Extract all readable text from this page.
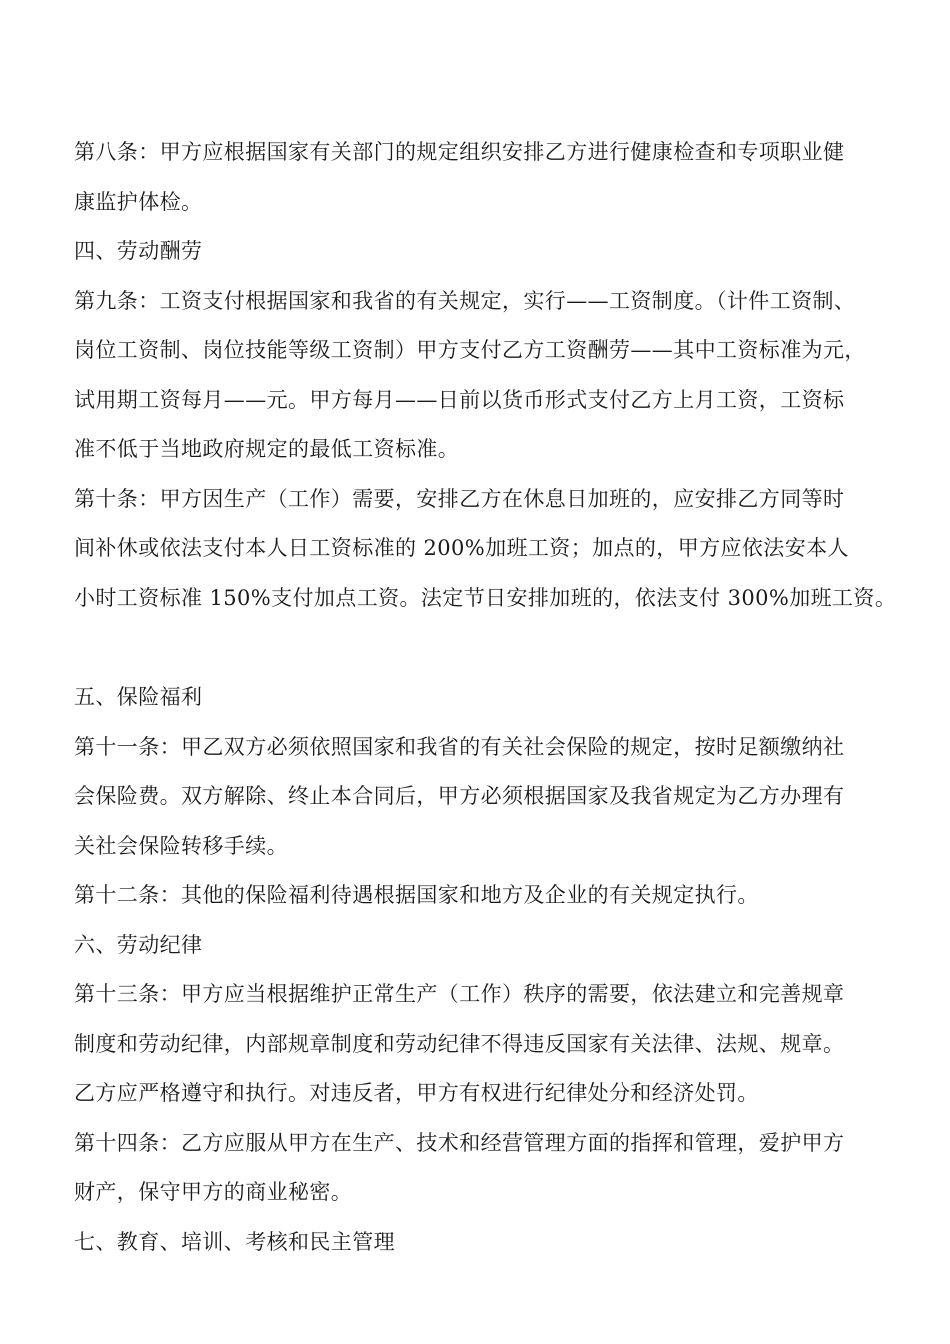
第八条：甲方应根据国家有关部门的规定组织安排乙方进行健康检查和专项职业健
康监护体检。
四、劳动酬劳
第九条：工资支付根据国家和我省的有关规定，实行——工资制度。（计件工资制、
岗位工资制、岗位技能等级工资制）甲方支付乙方工资酬劳——其中工资标准为元，
试用期工资每月——元。甲方每月——日前以货币形式支付乙方上月工资，工资标
准不低于当地政府规定的最低工资标准。
第十条：甲方因生产（工作）需要，安排乙方在休息日加班的，应安排乙方同等时
间补休或依法支付本人日工资标准的 200%加班工资；加点的，甲方应依法安本人
小时工资标准 150%支付加点工资。法定节日安排加班的，依法支付 300%加班工资。
五、保险福利
第十一条：甲乙双方必须依照国家和我省的有关社会保险的规定，按时足额缴纳社
会保险费。双方解除、终止本合同后，甲方必须根据国家及我省规定为乙方办理有
关社会保险转移手续。
第十二条：其他的保险福利待遇根据国家和地方及企业的有关规定执行。
六、劳动纪律
第十三条：甲方应当根据维护正常生产（工作）秩序的需要，依法建立和完善规章
制度和劳动纪律，内部规章制度和劳动纪律不得违反国家有关法律、法规、规章。
乙方应严格遵守和执行。对违反者，甲方有权进行纪律处分和经济处罚。
第十四条：乙方应服从甲方在生产、技术和经营管理方面的指挥和管理，爱护甲方
财产，保守甲方的商业秘密。
七、教育、培训、考核和民主管理
